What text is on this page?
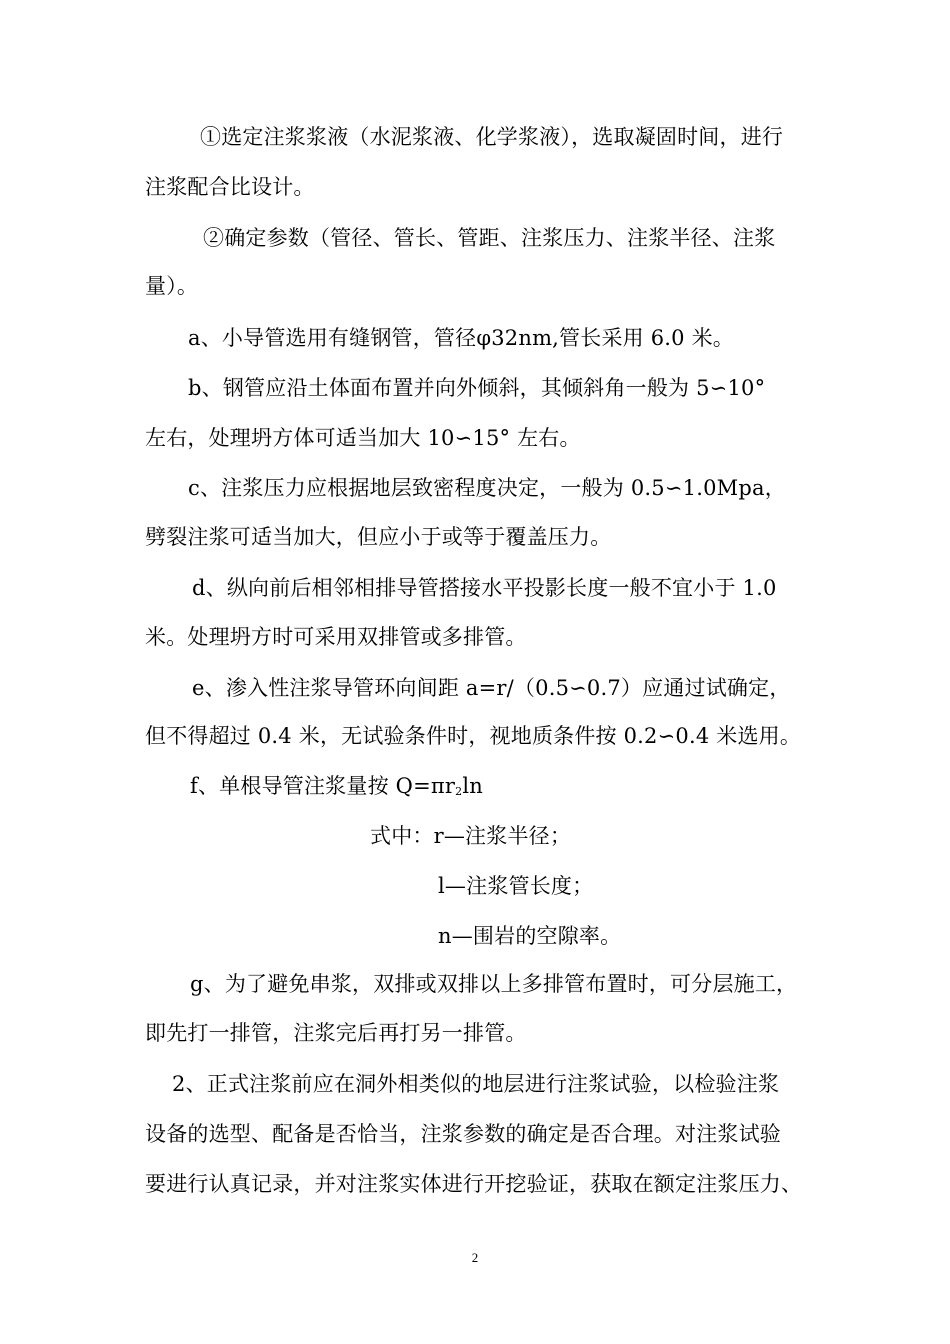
①选定注浆浆液（水泥浆液、化学浆液），选取凝固时间，进行
注浆配合比设计。
②确定参数（管径、管长、管距、注浆压力、注浆半径、注浆
量）。
a、小导管选用有缝钢管，管径φ32nm,管长采用 6.0 米。
b、钢管应沿土体面布置并向外倾斜，其倾斜角一般为 5∽10°
左右，处理坍方体可适当加大 10∽15° 左右。
c、注浆压力应根据地层致密程度决定，一般为 0.5∽1.0Mpa，
劈裂注浆可适当加大，但应小于或等于覆盖压力。
d、纵向前后相邻相排导管搭接水平投影长度一般不宜小于 1.0
米。处理坍方时可采用双排管或多排管。
e、渗入性注浆导管环向间距 a=r/（0.5∽0.7）应通过试确定，
但不得超过 0.4 米，无试验条件时，视地质条件按 0.2∽0.4 米选用。
f、单根导管注浆量按 Q=πr2ln
式中：r—注浆半径；
l—注浆管长度；
n—围岩的空隙率。
g、为了避免串浆，双排或双排以上多排管布置时，可分层施工，
即先打一排管，注浆完后再打另一排管。
2、正式注浆前应在洞外相类似的地层进行注浆试验，以检验注浆
设备的选型、配备是否恰当，注浆参数的确定是否合理。对注浆试验
要进行认真记录，并对注浆实体进行开挖验证，获取在额定注浆压力、
2
